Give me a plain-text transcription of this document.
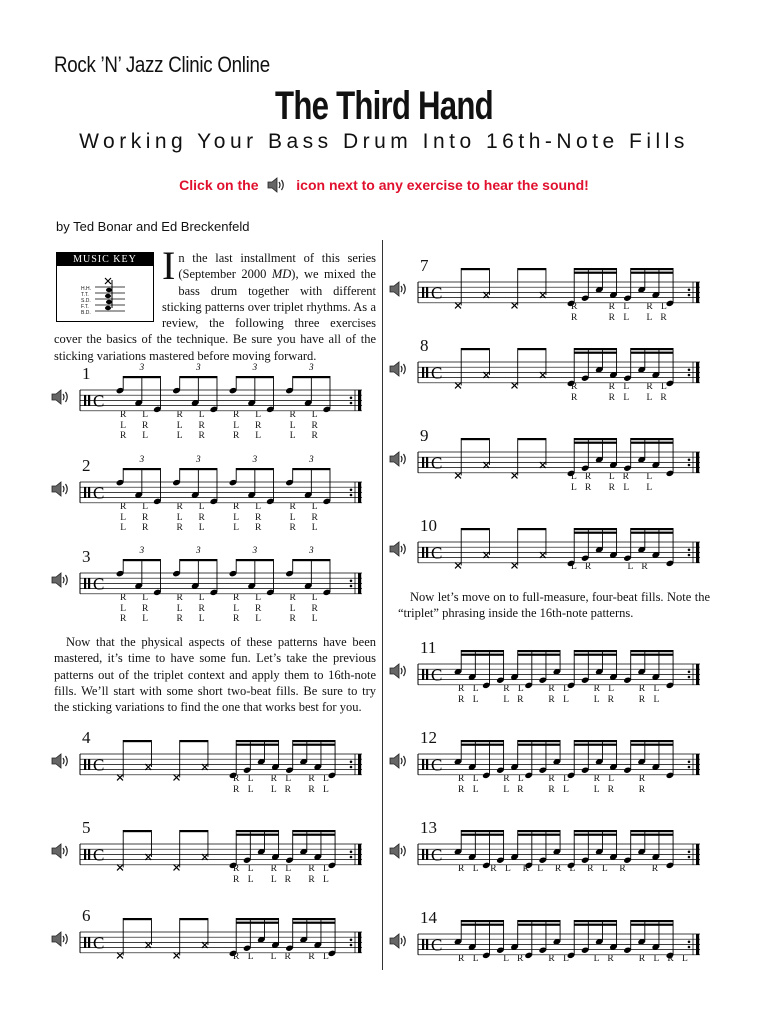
Rock ’N’ Jazz Clinic Online
The Third Hand
Working Your Bass Drum Into 16th-Note Fills
Click on the	icon next to any exercise to hear the sound!
by Ted Bonar and Ed Breckenfeld
In the last installment of this series (September 2000 MD), we mixed the bass drum together with different sticking patterns over triplet rhythms. As a review, the following three exercises cover the basics of the technique. Be sure you have all of the sticking variations mastered before moving forward.
MUSIC KEY
H.H.
T.T.
S.D.
F.T.
B.D.
Now that the physical aspects of these patterns have been mastered, it’s time to have some fun. Let’s take the previous patterns out of the triplet context and apply them to 16th-note fills. We’ll start with some short two-beat fills. Be sure to try the sticking variations to find the one that works best for you.
Now let’s move on to full-measure, four-beat fills. Note the “triplet” phrasing inside the 16th-note patterns.
1
C
3	3	3	3
R
L
R
L
R
L
R
L
L
L
R
R
R
L
R
L
R
L
R
L
L
L
R
R
2
C
3	3	3	3
R
L
L
L
R
R
R
L
R
L
R
L
R
L
L
L
R
R
R
L
R
L
R
L
3
C
3	3	3	3
R
L
R
L
R
L
R
L
R
L
R
L
R
L
R
L
R
L
R
L
R
L
R
L
4
C
R L
R L
R L
L R
R L
R L
5
C
R L
R L
R L
L R
R L
R L
6
C
R L L R R L
7
C
R
R
R L
R L
R L
L R
8
C
R
R
R L
R L
R L
L R
9
C
L R
L R
L R
R L
L
L
10
C
L R	L R
11
C
R L
R L
R L
L R
R L
R L
R L
L R
R L
R L
12
C
R L
R L
R L
L R
R L
R L
R L
L R
R
R
13
C
R L R L R L R L R L R	R
14
C
R L	L R	R L	L R	R L R L
